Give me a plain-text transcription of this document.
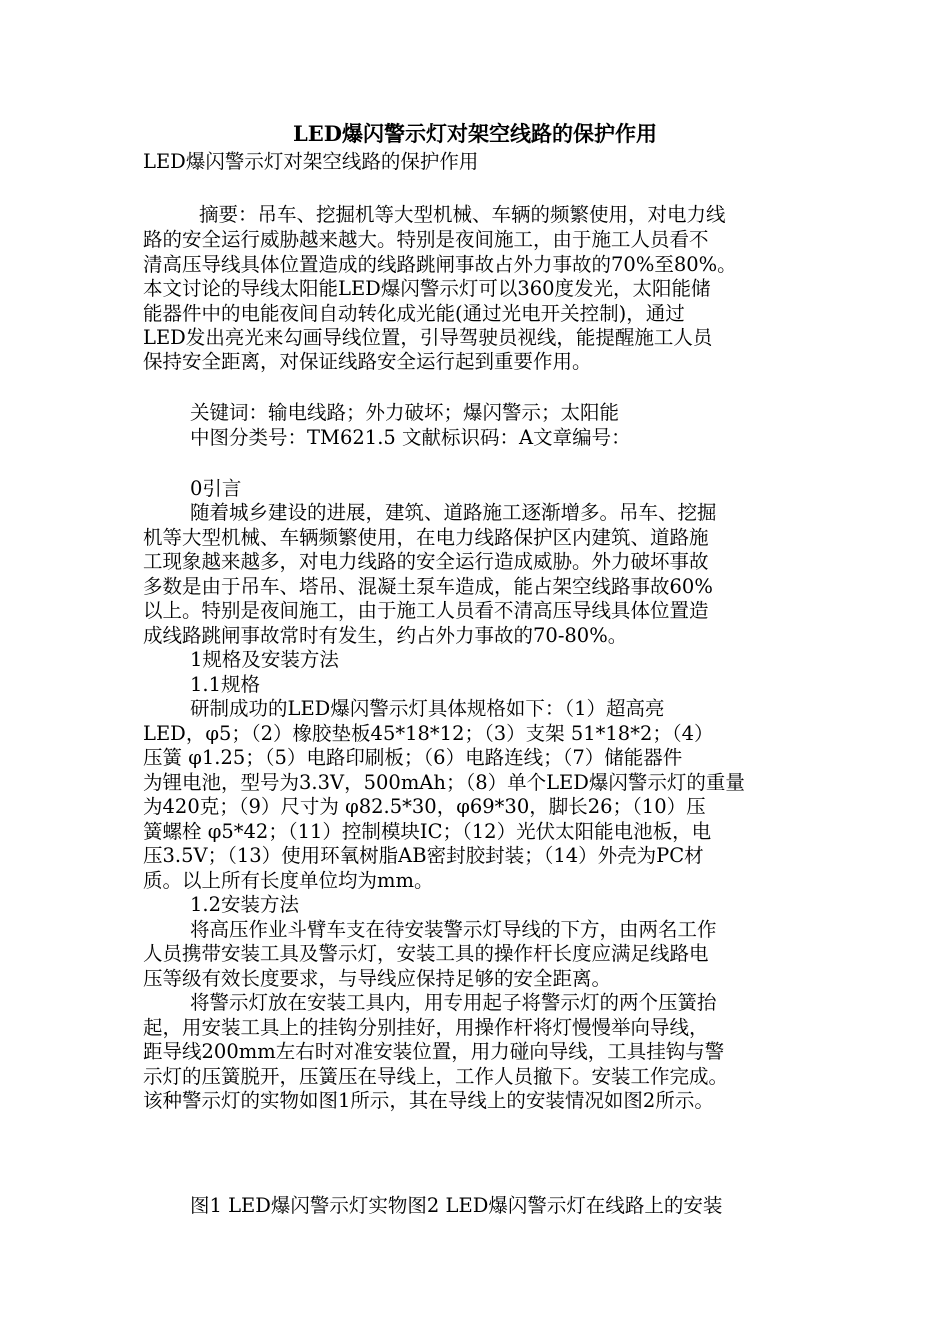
LED爆闪警示灯对架空线路的保护作用
LED爆闪警示灯对架空线路的保护作用
摘要：吊车、挖掘机等大型机械、车辆的频繁使用，对电力线
路的安全运行威胁越来越大。特别是夜间施工，由于施工人员看不
清高压导线具体位置造成的线路跳闸事故占外力事故的70%至80%。
本文讨论的导线太阳能LED爆闪警示灯可以360度发光，太阳能储
能器件中的电能夜间自动转化成光能(通过光电开关控制)，通过
LED发出亮光来勾画导线位置，引导驾驶员视线，能提醒施工人员
保持安全距离，对保证线路安全运行起到重要作用。
关键词：输电线路；外力破坏；爆闪警示；太阳能
中图分类号：TM621.5 文献标识码：A文章编号：
0引言
随着城乡建设的进展，建筑、道路施工逐渐增多。吊车、挖掘
机等大型机械、车辆频繁使用，在电力线路保护区内建筑、道路施
工现象越来越多，对电力线路的安全运行造成威胁。外力破坏事故
多数是由于吊车、塔吊、混凝土泵车造成，能占架空线路事故60%
以上。特别是夜间施工，由于施工人员看不清高压导线具体位置造
成线路跳闸事故常时有发生，约占外力事故的70-80%。
1规格及安装方法
1.1规格
研制成功的LED爆闪警示灯具体规格如下：（1）超高亮
LED，φ5；（2）橡胶垫板45*18*12；（3）支架 51*18*2；（4）
压簧 φ1.25；（5）电路印刷板；（6）电路连线；（7）储能器件
为锂电池，型号为3.3V，500mAh；（8）单个LED爆闪警示灯的重量
为420克；（9）尺寸为 φ82.5*30，φ69*30，脚长26；（10）压
簧螺栓 φ5*42；（11）控制模块IC；（12）光伏太阳能电池板，电
压3.5V；（13）使用环氧树脂AB密封胶封装；（14）外壳为PC材
质。以上所有长度单位均为mm。
1.2安装方法
将高压作业斗臂车支在待安装警示灯导线的下方，由两名工作
人员携带安装工具及警示灯，安装工具的操作杆长度应满足线路电
压等级有效长度要求，与导线应保持足够的安全距离。
将警示灯放在安装工具内，用专用起子将警示灯的两个压簧抬
起，用安装工具上的挂钩分别挂好，用操作杆将灯慢慢举向导线，
距导线200mm左右时对准安装位置，用力碰向导线，工具挂钩与警
示灯的压簧脱开，压簧压在导线上，工作人员撤下。安装工作完成。
该种警示灯的实物如图1所示，其在导线上的安装情况如图2所示。
图1 LED爆闪警示灯实物图2 LED爆闪警示灯在线路上的安装
